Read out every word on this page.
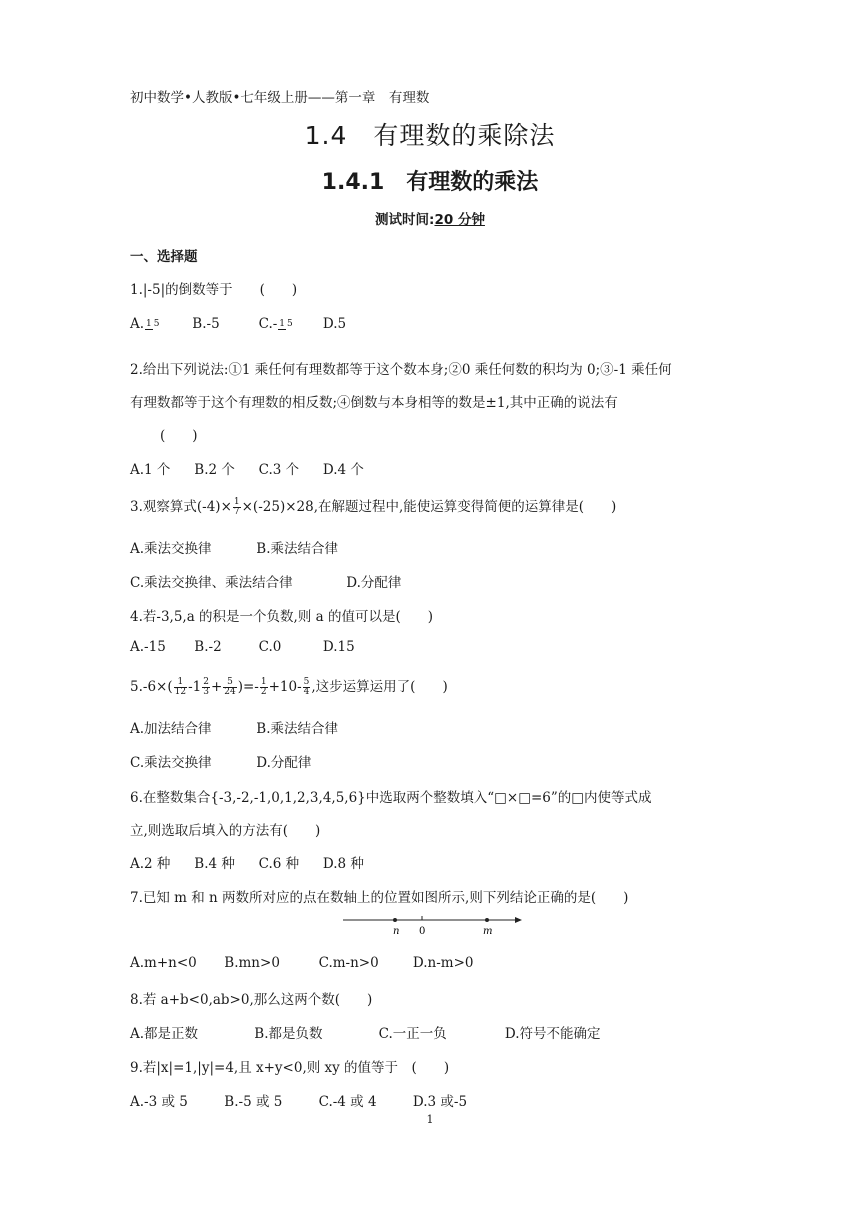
初中数学•人教版•七年级上册——第一章　有理数
1.4　有理数的乘除法
1.4.1　有理数的乘法
测试时间:20 分钟
一、选择题
1.|-5|的倒数等于　　(　　)
A. 1 5 B.-5	C.- 1 5 D.5
2.给出下列说法:①1 乘任何有理数都等于这个数本身;②0 乘任何数的积均为 0;③-1 乘任何
有理数都等于这个有理数的相反数;④倒数与本身相等的数是±1,其中正确的说法有
(　　)
A.1 个 B.2 个 C.3 个 D.4 个
3.观察算式$(-4)\times \frac{1}{7} \times(-25)\times 28$,在解题过程中,能使运算变得简便的运算律是(　　)
A.乘法交换律	B.乘法结合律
C.乘法交换律、乘法结合律	D.分配律
4.若-3,5,a 的积是一个负数,则 a 的值可以是(　　)
A.-15 B.-2	C.0	D.15
$5.-6\times( \frac{1}{12} -1 \frac{2}{3} + \frac{5}{24}$ )=- $\frac{1}{2} +10- \frac{5}{4}$ ,这步运算运用了(　　)
A.加法结合律	B.乘法结合律
C.乘法交换律	D.分配律
6.在整数集合{-3,-2,-1,0,1,2,3,4,5,6}中选取两个整数填入“□×□=6”的□内使等式成
立,则选取后填入的方法有(　　)
A.2 种 B.4 种 C.6 种 D.8 种
7.已知 m 和 n 两数所对应的点在数轴上的位置如图所示,则下列结论正确的是(　　)
n 0	m
A.m+n<0 B.mn>0	C.m-n>0	D.n-m>0
8.若 a+b<0,ab>0,那么这两个数(　　)
A.都是正数	B.都是负数	C.一正一负	D.符号不能确定
9.若|x|=1,|y|=4,且 x+y<0,则 xy 的值等于　(　　)
A.-3 或 5	B.-5 或 5	C.-4 或 4	D.3 或-5
1
